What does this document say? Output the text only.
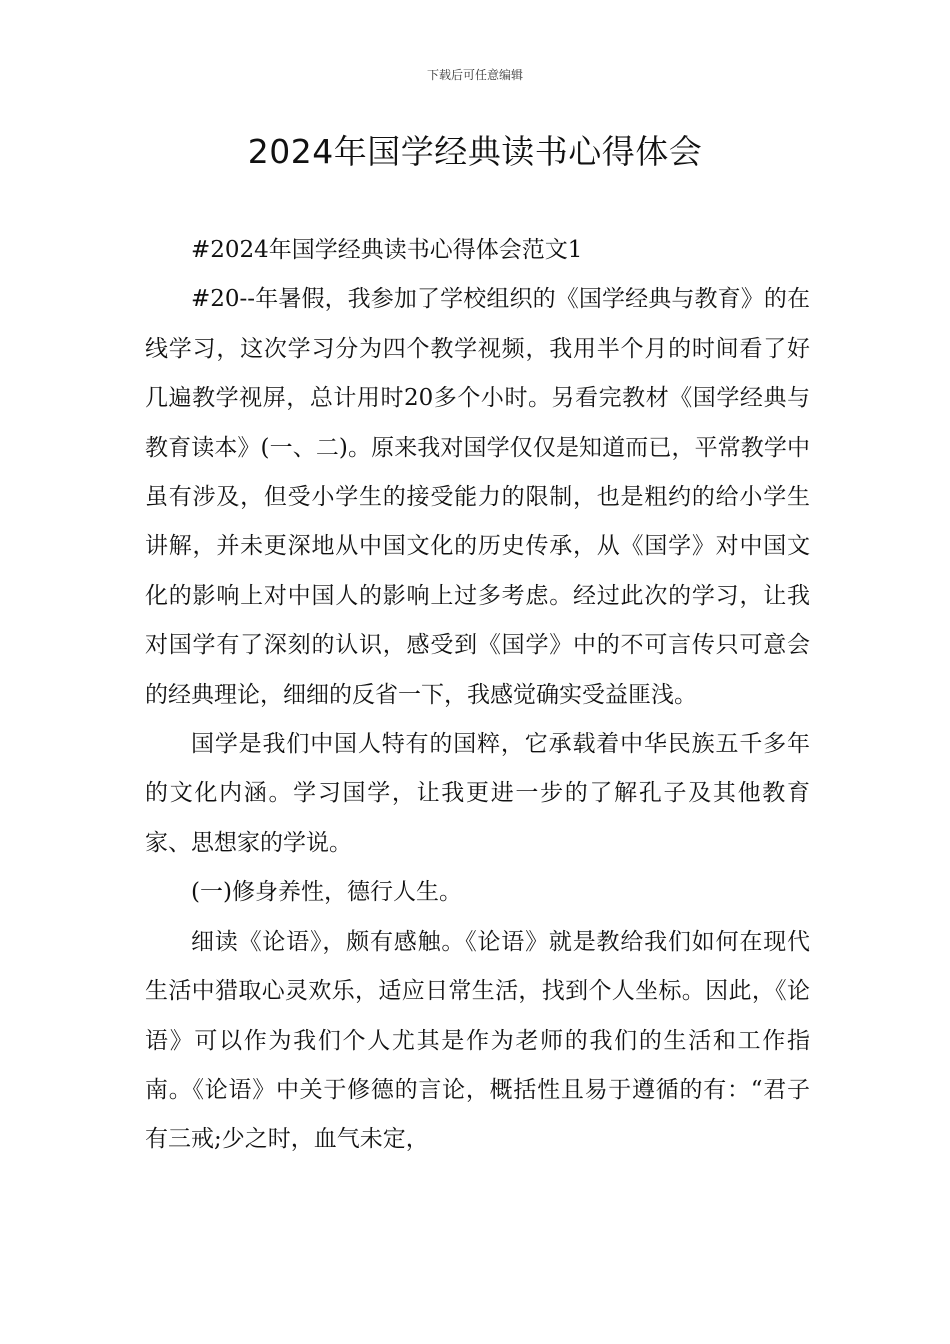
下载后可任意编辑
2024年国学经典读书心得体会

#2024年国学经典读书心得体会范文1

#20--年暑假，我参加了学校组织的《国学经典与教育》的在线学习，这次学习分为四个教学视频，我用半个月的时间看了好几遍教学视屏，总计用时20多个小时。另看完教材《国学经典与教育读本》(一、二)。原来我对国学仅仅是知道而已，平常教学中虽有涉及，但受小学生的接受能力的限制，也是粗约的给小学生讲解，并未更深地从中国文化的历史传承，从《国学》对中国文化的影响上对中国人的影响上过多考虑。经过此次的学习，让我对国学有了深刻的认识，感受到《国学》中的不可言传只可意会的经典理论，细细的反省一下，我感觉确实受益匪浅。

国学是我们中国人特有的国粹，它承载着中华民族五千多年的文化内涵。学习国学，让我更进一步的了解孔子及其他教育家、思想家的学说。

(一)修身养性，德行人生。

细读《论语》，颇有感触。《论语》就是教给我们如何在现代生活中猎取心灵欢乐，适应日常生活，找到个人坐标。因此，《论语》可以作为我们个人尤其是作为老师的我们的生活和工作指南。《论语》中关于修德的言论，概括性且易于遵循的有：“君子有三戒;少之时，血气未定，
